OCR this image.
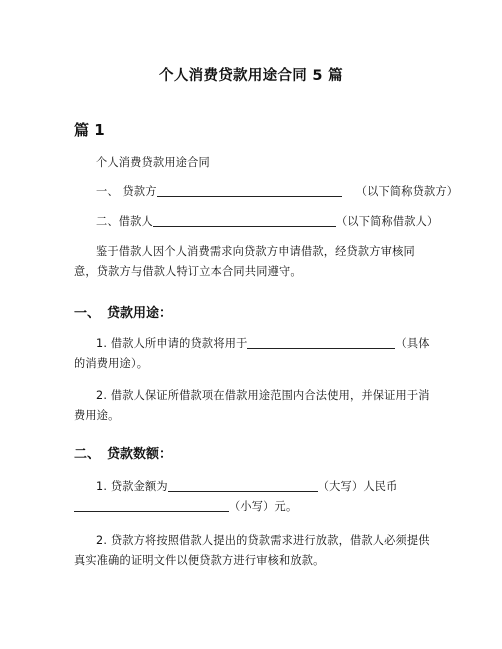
个人消费贷款用途合同 5 篇
篇 1
个人消费贷款用途合同
一、 贷款方	（以下简称贷款方）
二、借款人	（以下简称借款人）
鉴于借款人因个人消费需求向贷款方申请借款，经贷款方审核同意，贷款方与借款人特订立本合同共同遵守。
一、 贷款用途：
1. 借款人所申请的贷款将用于	（具体
的消费用途）。
2. 借款人保证所借款项在借款用途范围内合法使用，并保证用于消费用途。
二、 贷款数额：
1. 贷款金额为	（大写）人民币
（小写）元。
2. 贷款方将按照借款人提出的贷款需求进行放款，借款人必须提供真实准确的证明文件以便贷款方进行审核和放款。
